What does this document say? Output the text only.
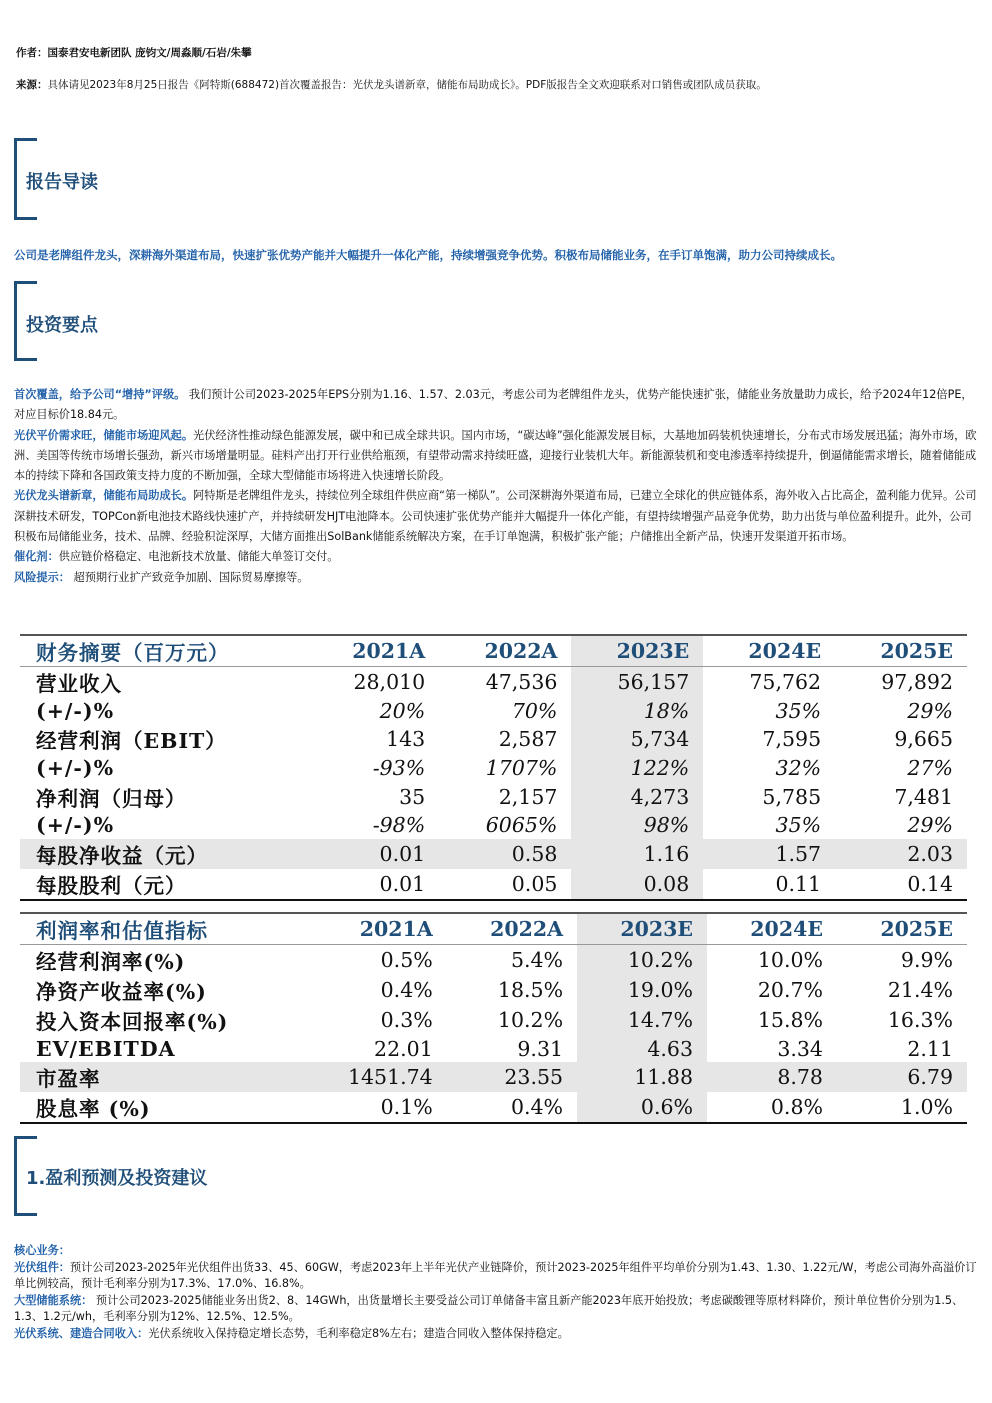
作者：国泰君安电新团队 庞钧文/周淼顺/石岩/朱攀
来源：具体请见2023年8月25日报告《阿特斯(688472)首次覆盖报告：光伏龙头谱新章，储能布局助成长》。PDF版报告全文欢迎联系对口销售或团队成员获取。
报告导读
公司是老牌组件龙头，深耕海外渠道布局，快速扩张优势产能并大幅提升一体化产能，持续增强竞争优势。积极布局储能业务，在手订单饱满，助力公司持续成长。
投资要点

首次覆盖，给予公司“增持”评级。 我们预计公司2023-2025年EPS分别为1.16、1.57、2.03元，考虑公司为老牌组件龙头，优势产能快速扩张，储能业务放量助力成长，给予2024年12倍PE，对应目标价18.84元。

光伏平价需求旺，储能市场迎风起。光伏经济性推动绿色能源发展，碳中和已成全球共识。国内市场，“碳达峰”强化能源发展目标，大基地加码装机快速增长，分布式市场发展迅猛；海外市场，欧洲、美国等传统市场增长强劲，新兴市场增量明显。硅料产出打开行业供给瓶颈，有望带动需求持续旺盛，迎接行业装机大年。新能源装机和变电渗透率持续提升，倒逼储能需求增长，随着储能成本的持续下降和各国政策支持力度的不断加强，全球大型储能市场将进入快速增长阶段。

光伏龙头谱新章，储能布局助成长。阿特斯是老牌组件龙头，持续位列全球组件供应商“第一梯队”。公司深耕海外渠道布局，已建立全球化的供应链体系，海外收入占比高企，盈利能力优异。公司深耕技术研发，TOPCon新电池技术路线快速扩产，并持续研发HJT电池降本。公司快速扩张优势产能并大幅提升一体化产能，有望持续增强产品竞争优势，助力出货与单位盈利提升。此外，公司积极布局储能业务，技术、品牌、经验积淀深厚，大储方面推出SolBank储能系统解决方案，在手订单饱满，积极扩张产能；户储推出全新产品，快速开发渠道开拓市场。

催化剂：供应链价格稳定、电池新技术放量、储能大单签订交付。

风险提示： 超预期行业扩产致竞争加剧、国际贸易摩擦等。

财务摘要（百万元）	2021A	2022A	2023E	2024E	2025E
营业收入	28,010	47,536	56,157	75,762	97,892
(+/-)%	20%	70%	18%	35%	29%
经营利润（EBIT）	143	2,587	5,734	7,595	9,665
(+/-)%	-93%	1707%	122%	32%	27%
净利润（归母）	35	2,157	4,273	5,785	7,481
(+/-)%	-98%	6065%	98%	35%	29%
每股净收益（元）	0.01	0.58	1.16	1.57	2.03
每股股利（元）	0.01	0.05	0.08	0.11	0.14
利润率和估值指标	2021A	2022A	2023E	2024E	2025E
经营利润率(%)	0.5%	5.4%	10.2%	10.0%	9.9%
净资产收益率(%)	0.4%	18.5%	19.0%	20.7%	21.4%
投入资本回报率(%)	0.3%	10.2%	14.7%	15.8%	16.3%
EV/EBITDA	22.01	9.31	4.63	3.34	2.11
市盈率	1451.74	23.55	11.88	8.78	6.79
股息率 (%)	0.1%	0.4%	0.6%	0.8%	1.0%
1.盈利预测及投资建议

核心业务：

光伏组件：预计公司2023-2025年光伏组件出货33、45、60GW，考虑2023年上半年光伏产业链降价，预计2023-2025年组件平均单价分别为1.43、1.30、1.22元/W，考虑公司海外高溢价订单比例较高，预计毛利率分别为17.3%、17.0%、16.8%。

大型储能系统： 预计公司2023-2025储能业务出货2、8、14GWh，出货量增长主要受益公司订单储备丰富且新产能2023年底开始投放；考虑碳酸锂等原材料降价，预计单位售价分别为1.5、1.3、1.2元/wh，毛利率分别为12%、12.5%、12.5%。

光伏系统、建造合同收入：光伏系统收入保持稳定增长态势，毛利率稳定8%左右；建造合同收入整体保持稳定。
